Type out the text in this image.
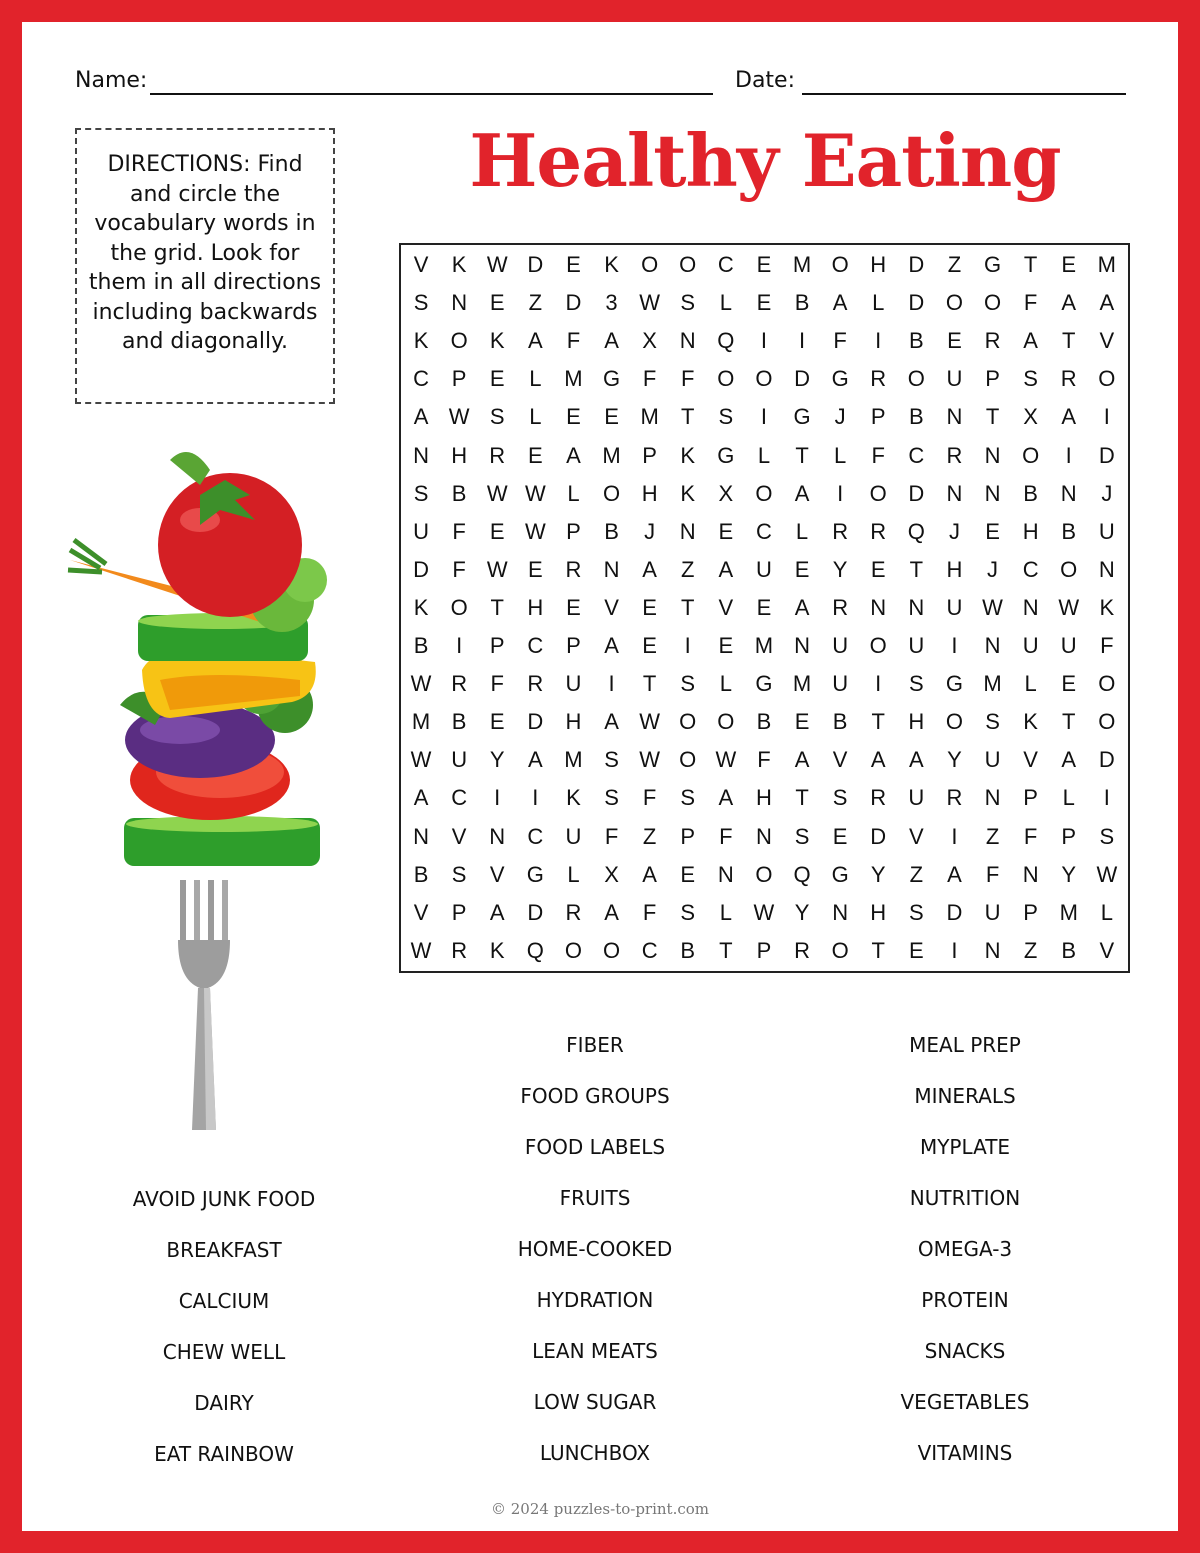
Name:	Date:
DIRECTIONS: Find and circle the vocabulary words in the grid. Look for them in all directions including backwards and diagonally.
Healthy Eating
V	K W D	E	K	O O C	E M O H	D	Z	G	T	E M
S	N	E	Z	D	3 W S	L	E	B	A	L	D O O	F	A	A
K	O	K	A	F	A	X	N Q	I	I	F	I	B	E	R	A	T	V
C	P	E	L	M G	F	F	O O D G R O U	P	S	R O
A W S	L	E	E M	T	S	I	G	J	P	B	N	T	X	A	I
N	H	R	E	A M P	K	G	L	T	L	F	C	R	N O	I	D
S	B W W L	O H	K	X	O	A	I	O D	N	N	B	N	J
U	F	E W P	B	J	N	E	C	L	R	R Q	J	E	H	B	U
D	F W E	R	N	A	Z	A	U	E	Y	E	T	H	J	C O N
K	O	T	H	E	V	E	T	V	E	A	R	N	N	U W N W K
B	I	P	C	P	A	E	I	E M N	U O U	I	N	U	U	F
W R	F	R	U	I	T	S	L	G M U	I	S	G M	L	E	O
M B	E	D	H	A W O O	B	E	B	T	H O	S	K	T	O
W U	Y	A M S W O W F	A	V	A	A	Y	U	V	A	D
A	C	I	I	K	S	F	S	A	H	T	S	R	U	R	N	P	L	I
N	V	N	C	U	F	Z	P	F	N	S	E	D	V	I	Z	F	P	S
B	S	V	G	L	X	A	E	N O Q G	Y	Z	A	F	N	Y W
V	P	A	D	R	A	F	S	L W Y	N	H	S	D	U	P M	L
W R	K	Q O O C	B	T	P	R O	T	E	I	N	Z	B	V
© 2024 puzzles-to-print.com
AVOID JUNK FOOD
BREAKFAST
CALCIUM
CHEW WELL
DAIRY
EAT RAINBOW
FIBER
FOOD GROUPS
FOOD LABELS
FRUITS
HOME-COOKED
HYDRATION
LEAN MEATS
LOW SUGAR
LUNCHBOX
MEAL PREP
MINERALS
MYPLATE
NUTRITION
OMEGA-3
PROTEIN
SNACKS
VEGETABLES
VITAMINS
